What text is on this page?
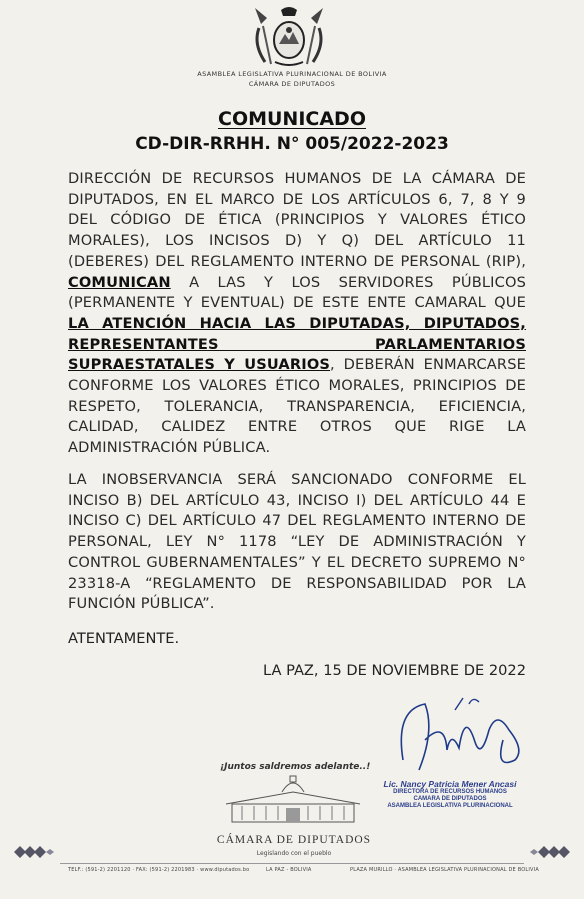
ASAMBLEA LEGISLATIVA PLURINACIONAL DE BOLIVIA
CÁMARA DE DIPUTADOS
COMUNICADO
CD-DIR-RRHH. N° 005/2022-2023
DIRECCIÓN DE RECURSOS HUMANOS DE LA CÁMARA DE DIPUTADOS, EN EL MARCO DE LOS ARTÍCULOS 6, 7, 8 Y 9 DEL CÓDIGO DE ÉTICA (PRINCIPIOS Y VALORES ÉTICO MORALES), LOS INCISOS D) Y Q) DEL ARTÍCULO 11 (DEBERES) DEL REGLAMENTO INTERNO DE PERSONAL (RIP), COMUNICAN A LAS Y LOS SERVIDORES PÚBLICOS (PERMANENTE Y EVENTUAL) DE ESTE ENTE CAMARAL QUE LA ATENCIÓN HACIA LAS DIPUTADAS, DIPUTADOS, REPRESENTANTES PARLAMENTARIOS SUPRAESTATALES Y USUARIOS, DEBERÁN ENMARCARSE CONFORME LOS VALORES ÉTICO MORALES, PRINCIPIOS DE RESPETO, TOLERANCIA, TRANSPARENCIA, EFICIENCIA, CALIDAD, CALIDEZ ENTRE OTROS QUE RIGE LA ADMINISTRACIÓN PÚBLICA.
LA INOBSERVANCIA SERÁ SANCIONADO CONFORME EL INCISO B) DEL ARTÍCULO 43, INCISO I) DEL ARTÍCULO 44 E INCISO C) DEL ARTÍCULO 47 DEL REGLAMENTO INTERNO DE PERSONAL, LEY N° 1178 “LEY DE ADMINISTRACIÓN Y CONTROL GUBERNAMENTALES” Y EL DECRETO SUPREMO N° 23318-A “REGLAMENTO DE RESPONSABILIDAD POR LA FUNCIÓN PÚBLICA”.
ATENTAMENTE.
LA PAZ, 15 DE NOVIEMBRE DE 2022
Lic. Nancy Patricia Mener Ancasi
DIRECTORA DE RECURSOS HUMANOS
CAMARA DE DIPUTADOS
ASAMBLEA LEGISLATIVA PLURINACIONAL
¡Juntos saldremos adelante..!
CÁMARA DE DIPUTADOS
Legislando con el pueblo
TELF.: (591-2) 2201120 · FAX: (591-2) 2201983 · www.diputados.bo	LA PAZ - BOLIVIA	PLAZA MURILLO · ASAMBLEA LEGISLATIVA PLURINACIONAL DE BOLIVIA
